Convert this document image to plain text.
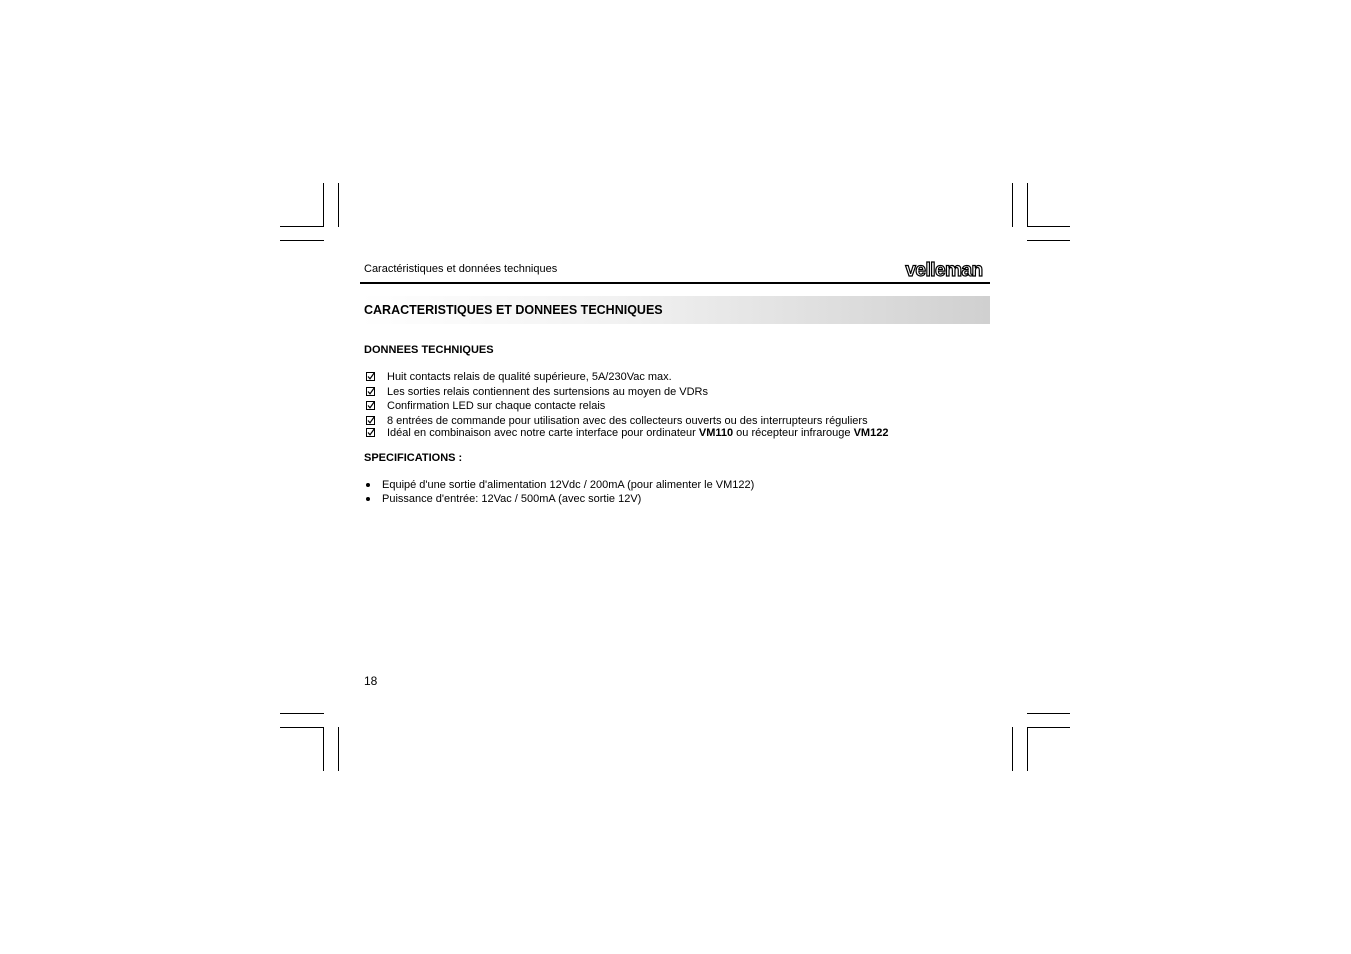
Caractéristiques et données techniques	velleman
CARACTERISTIQUES ET DONNEES TECHNIQUES
DONNEES TECHNIQUES
Huit contacts relais de qualité supérieure, 5A/230Vac max.
Les sorties relais contiennent des surtensions au moyen de VDRs
Confirmation LED sur chaque contacte relais
8 entrées de commande pour utilisation avec des collecteurs ouverts ou des interrupteurs réguliers
Idéal en combinaison avec notre carte interface pour ordinateur VM110 ou récepteur infrarouge VM122
SPECIFICATIONS :
Equipé d'une sortie d'alimentation 12Vdc / 200mA (pour alimenter le VM122)
Puissance d'entrée: 12Vac / 500mA (avec sortie 12V)
18
